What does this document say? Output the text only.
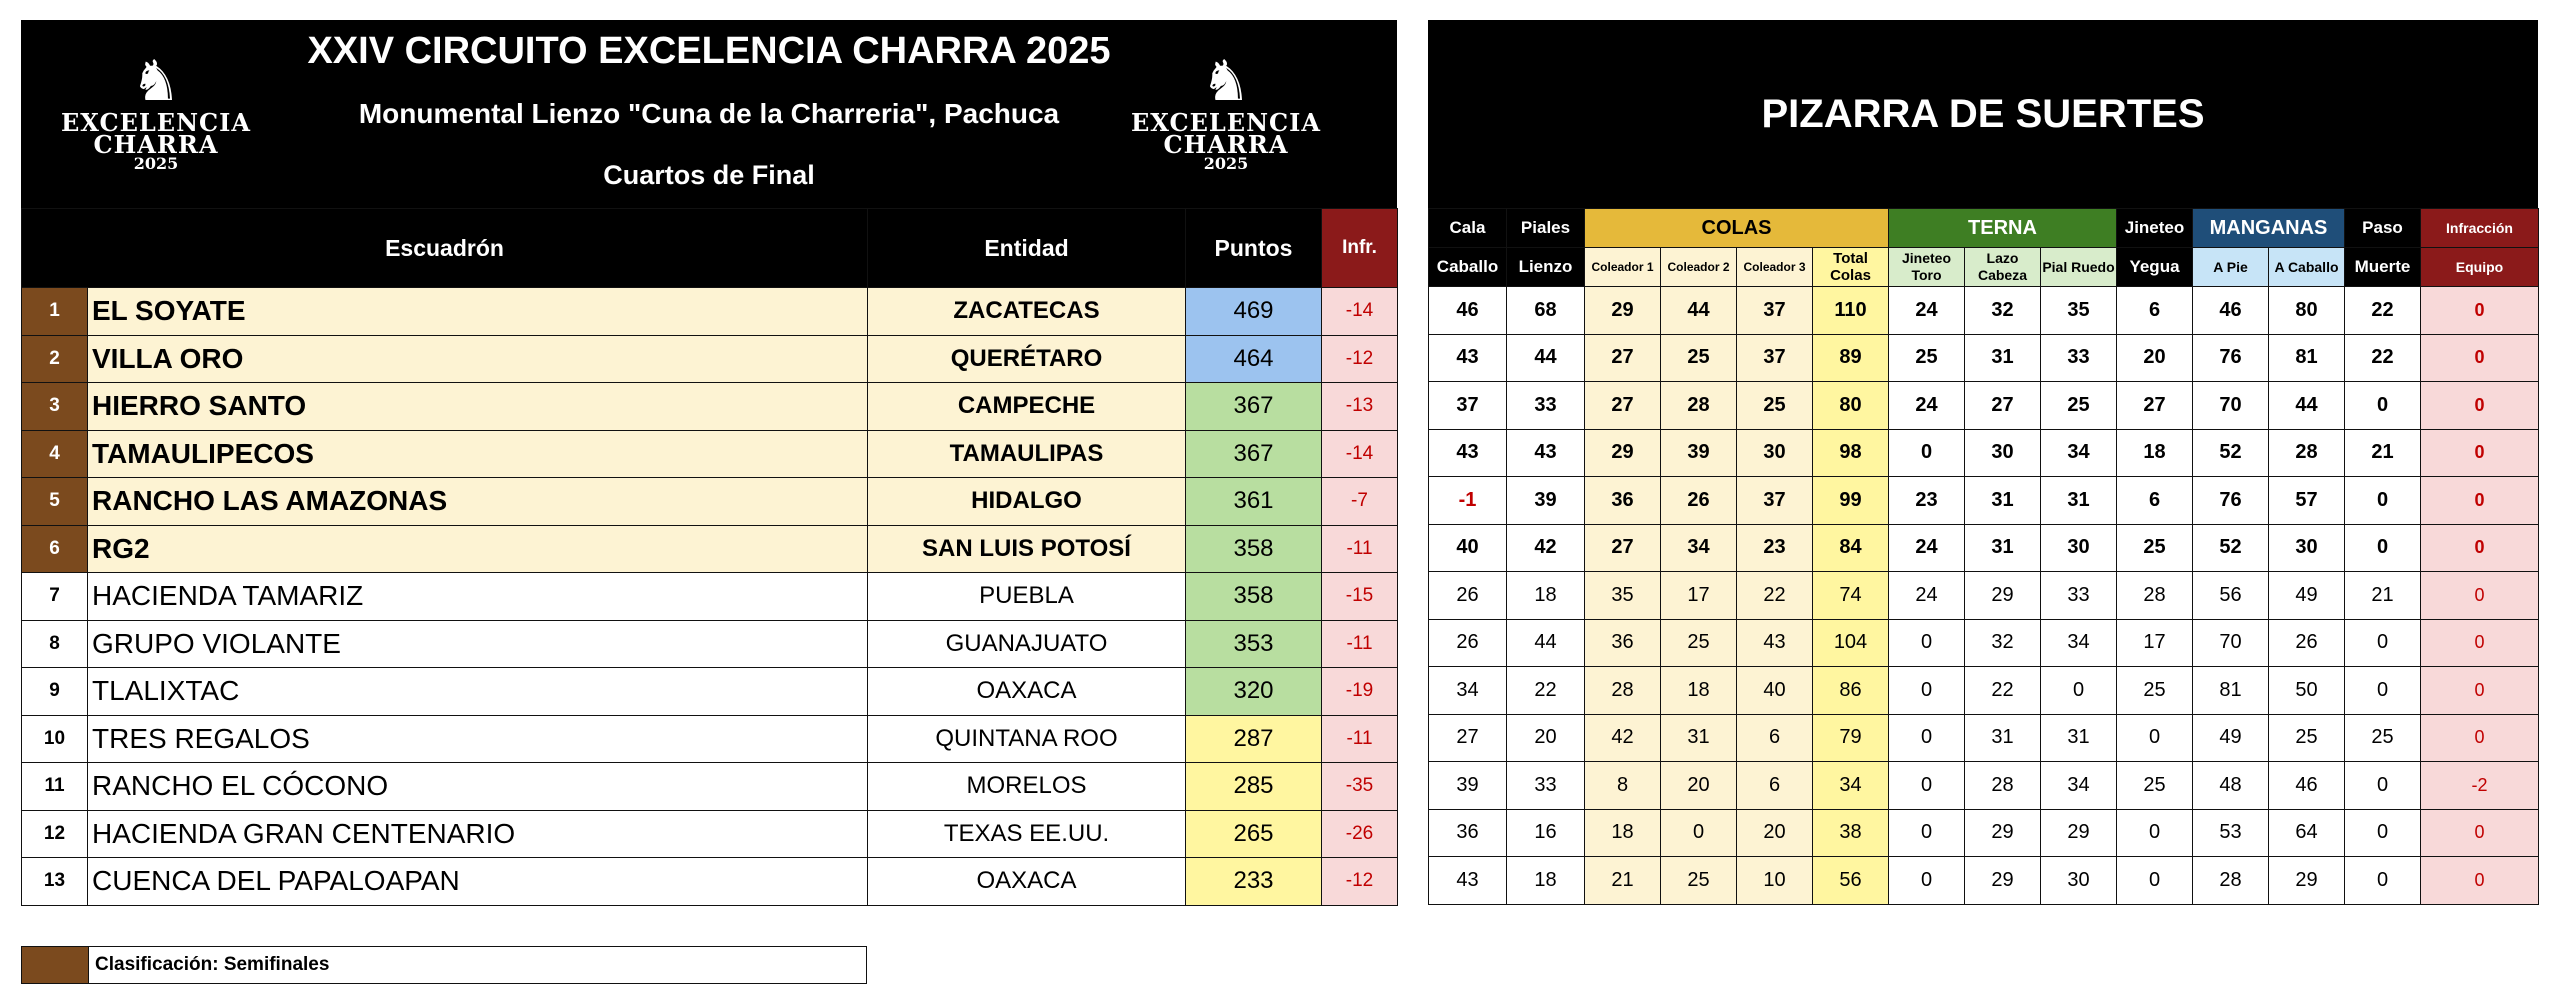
♞
EXCELENCIA
CHARRA
2025
XXIV CIRCUITO EXCELENCIA CHARRA 2025
Monumental Lienzo "Cuna de la Charreria", Pachuca
Cuartos de Final
♞
EXCELENCIA
CHARRA
2025
Escuadrón		Entidad	Puntos	Infr.
1	EL SOYATE	ZACATECAS	469	-14
2	VILLA ORO	QUERÉTARO	464	-12
3	HIERRO SANTO	CAMPECHE	367	-13
4	TAMAULIPECOS	TAMAULIPAS	367	-14
5	RANCHO LAS AMAZONAS	HIDALGO	361	-7
6	RG2	SAN LUIS POTOSÍ	358	-11
7	HACIENDA TAMARIZ	PUEBLA	358	-15
8	GRUPO VIOLANTE	GUANAJUATO	353	-11
9	TLALIXTAC	OAXACA	320	-19
10	TRES REGALOS	QUINTANA ROO	287	-11
11	RANCHO EL CÓCONO	MORELOS	285	-35
12	HACIENDA GRAN CENTENARIO	TEXAS EE.UU.	265	-26
13	CUENCA DEL PAPALOAPAN	OAXACA	233	-12
Clasificación: Semifinales
PIZARRA DE SUERTES
Cala	Piales	COLAS				TERNA			Jineteo	MANGANAS		Paso	Infracción
Caballo	Lienzo	Coleador 1	Coleador 2	Coleador 3	Total Colas	Jineteo Toro	Lazo Cabeza	Pial Ruedo	Yegua	A Pie	A Caballo	Muerte	Equipo
46	68	29	44	37	110	24	32	35	6	46	80	22	0
43	44	27	25	37	89	25	31	33	20	76	81	22	0
37	33	27	28	25	80	24	27	25	27	70	44	0	0
43	43	29	39	30	98	0	30	34	18	52	28	21	0
-1	39	36	26	37	99	23	31	31	6	76	57	0	0
40	42	27	34	23	84	24	31	30	25	52	30	0	0
26	18	35	17	22	74	24	29	33	28	56	49	21	0
26	44	36	25	43	104	0	32	34	17	70	26	0	0
34	22	28	18	40	86	0	22	0	25	81	50	0	0
27	20	42	31	6	79	0	31	31	0	49	25	25	0
39	33	8	20	6	34	0	28	34	25	48	46	0	-2
36	16	18	0	20	38	0	29	29	0	53	64	0	0
43	18	21	25	10	56	0	29	30	0	28	29	0	0
